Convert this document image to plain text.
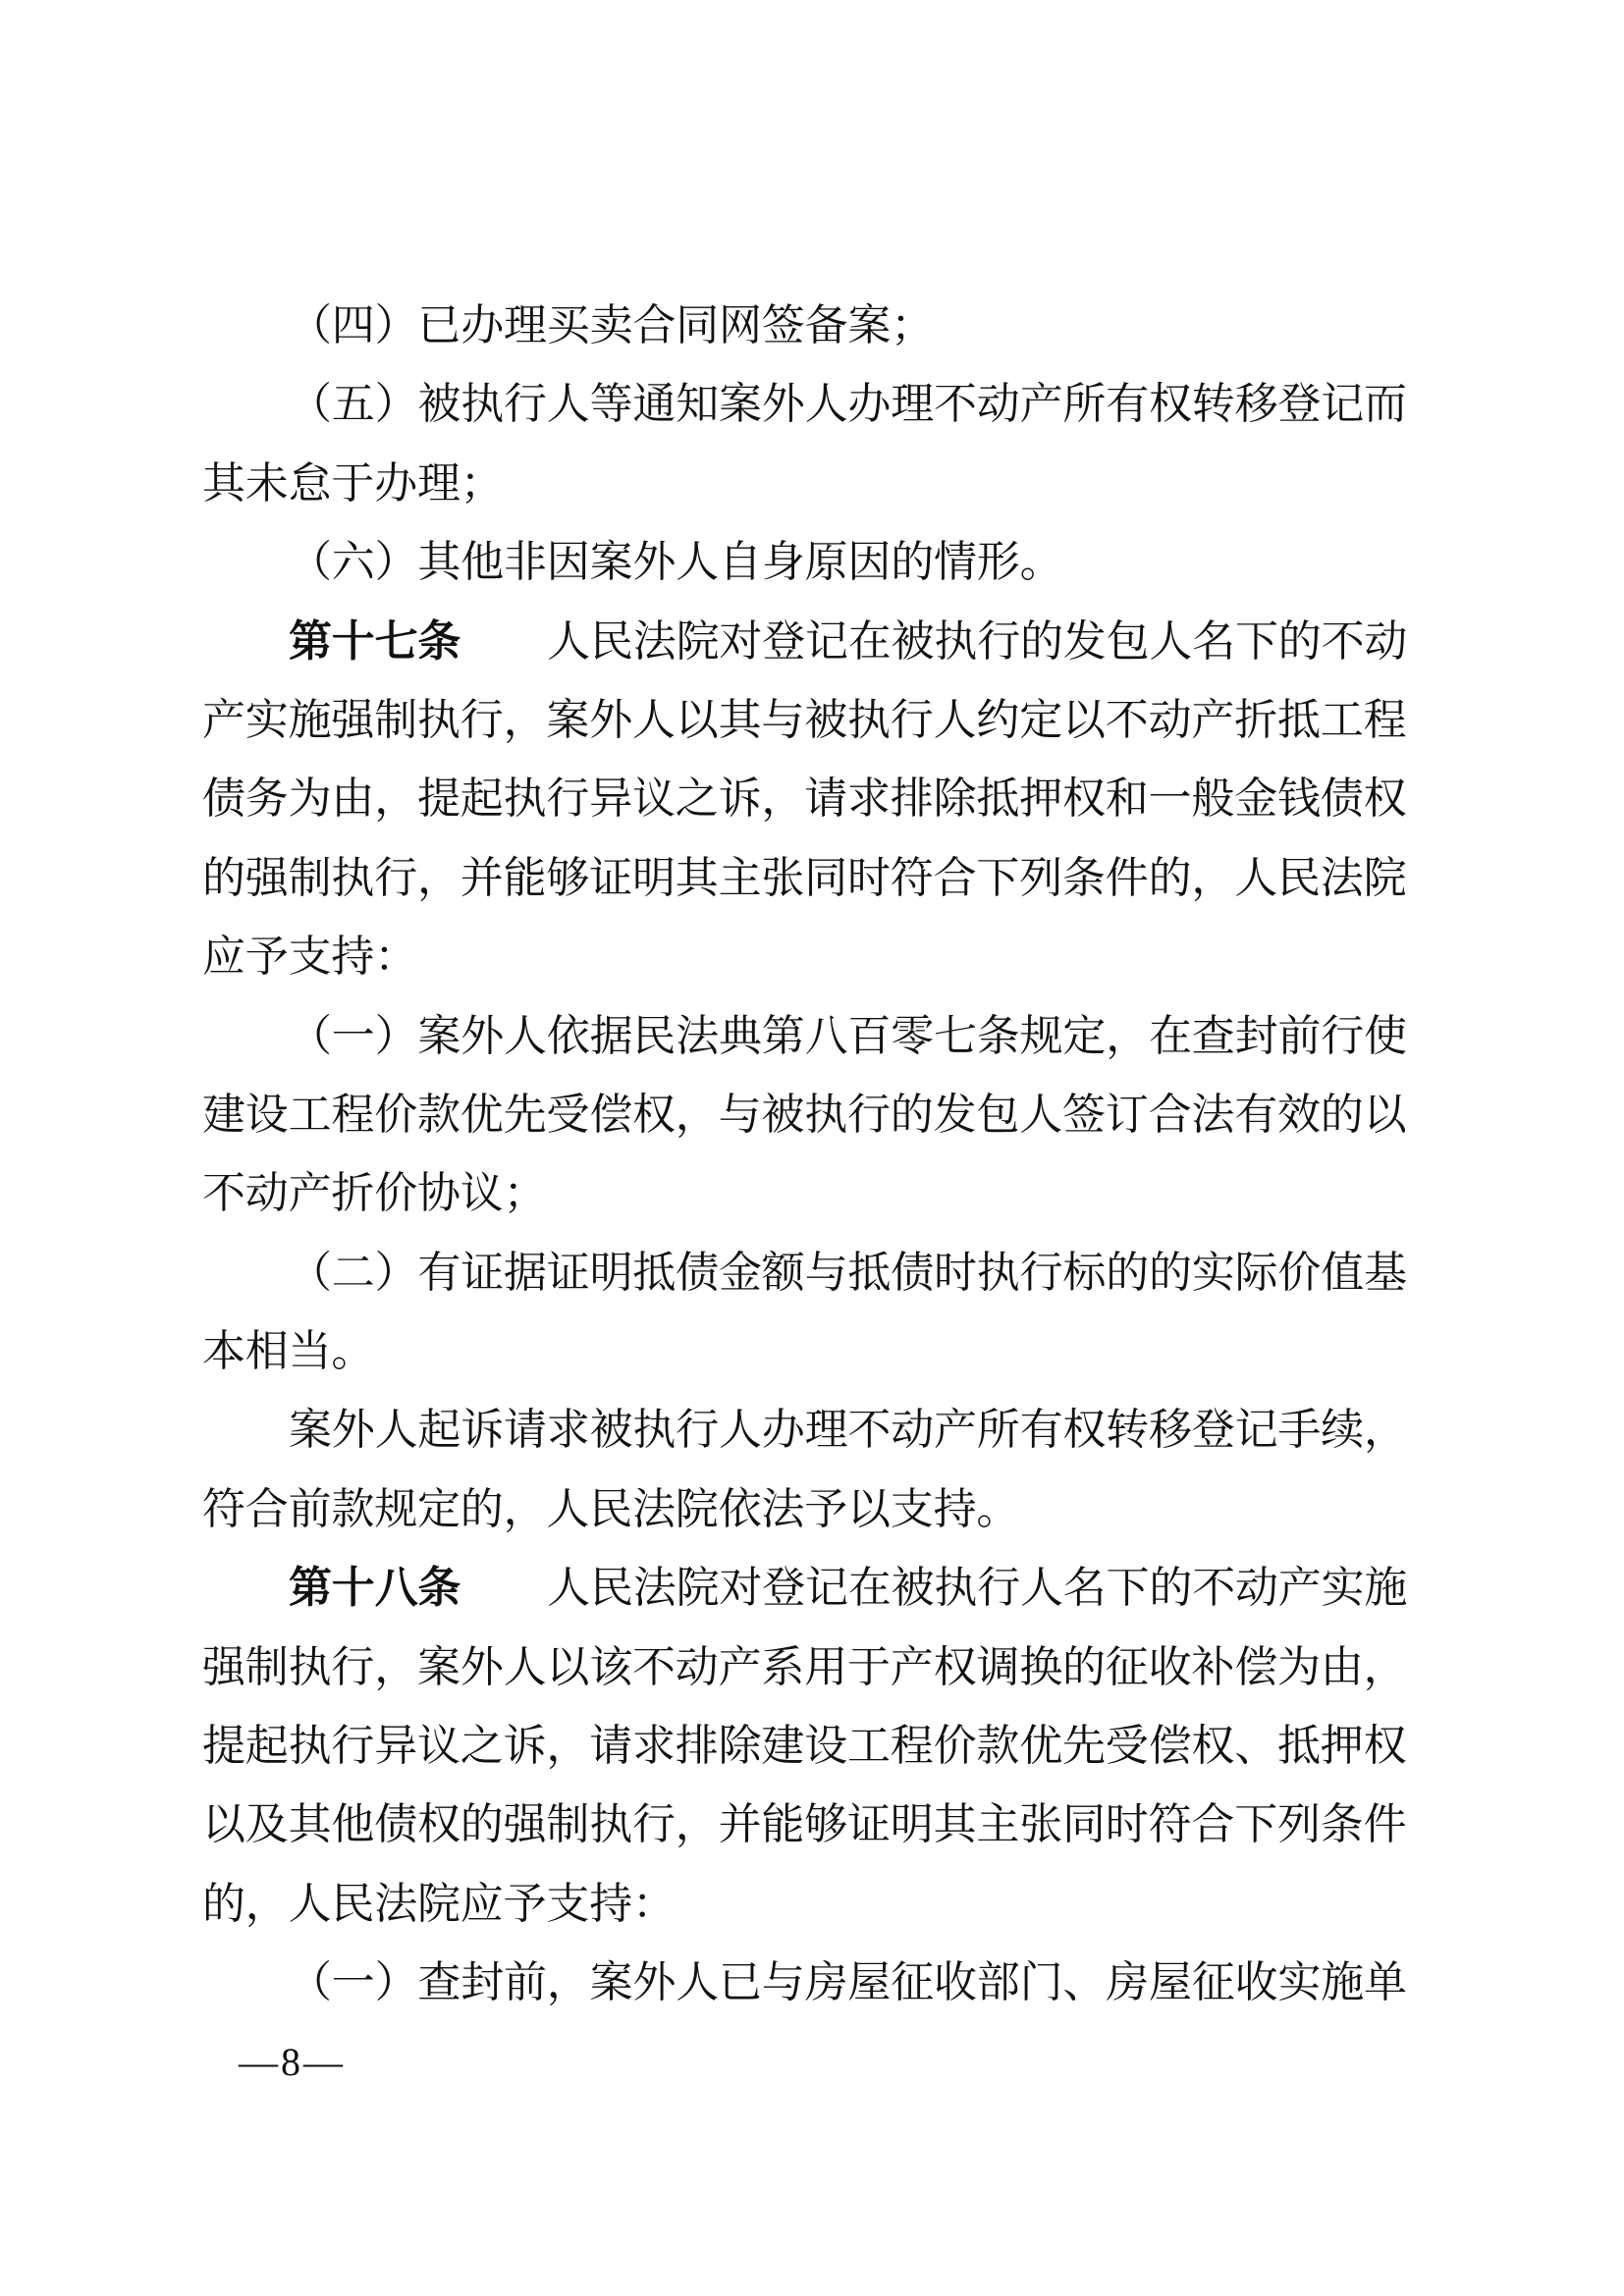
（四）已办理买卖合同网签备案；
（五）被执行人等通知案外人办理不动产所有权转移登记而
其未怠于办理；
（六）其他非因案外人自身原因的情形。
第十七条 人民法院对登记在被执行的发包人名下的不动
产实施强制执行，案外人以其与被执行人约定以不动产折抵工程
债务为由，提起执行异议之诉，请求排除抵押权和一般金钱债权
的强制执行，并能够证明其主张同时符合下列条件的，人民法院
应予支持：
（一）案外人依据民法典第八百零七条规定，在查封前行使
建设工程价款优先受偿权，与被执行的发包人签订合法有效的以
不动产折价协议；
（二）有证据证明抵债金额与抵债时执行标的的实际价值基
本相当。
案外人起诉请求被执行人办理不动产所有权转移登记手续，
符合前款规定的，人民法院依法予以支持。
第十八条 人民法院对登记在被执行人名下的不动产实施
强制执行，案外人以该不动产系用于产权调换的征收补偿为由，
提起执行异议之诉，请求排除建设工程价款优先受偿权、抵押权
以及其他债权的强制执行，并能够证明其主张同时符合下列条件
的，人民法院应予支持：
（一）查封前，案外人已与房屋征收部门、房屋征收实施单
—8—
